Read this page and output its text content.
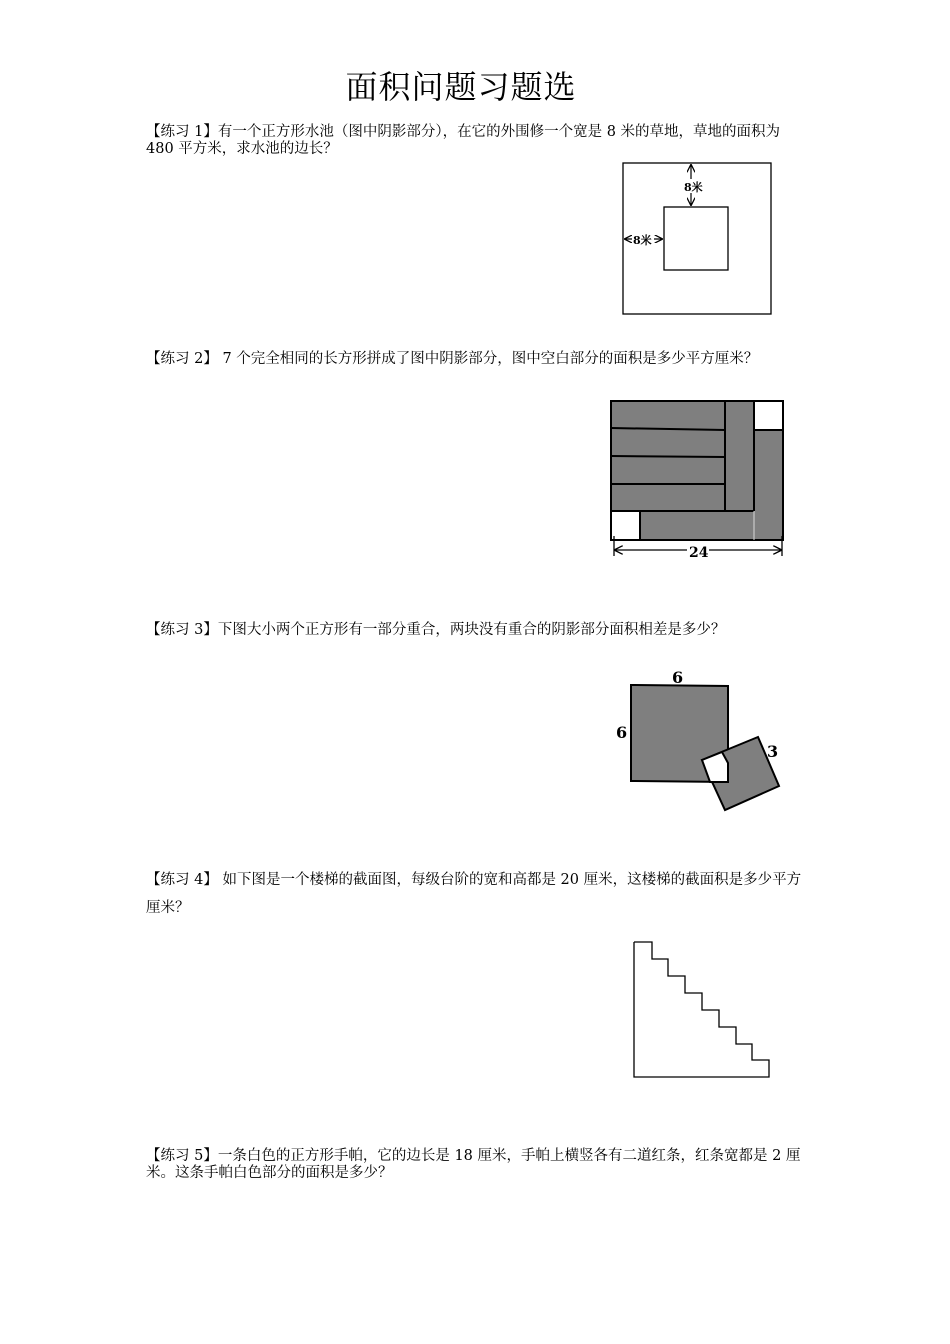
面积问题习题选
【练习 1】有一个正方形水池（图中阴影部分），在它的外围修一个宽是 8 米的草地，草地的面积为 480 平方米，求水池的边长？
8米
8米
【练习 2】 7 个完全相同的长方形拼成了图中阴影部分，图中空白部分的面积是多少平方厘米？
24
【练习 3】下图大小两个正方形有一部分重合，两块没有重合的阴影部分面积相差是多少？
6
6
3
【练习 4】 如下图是一个楼梯的截面图，每级台阶的宽和高都是 20 厘米，这楼梯的截面积是多少平方厘米？
【练习 5】一条白色的正方形手帕，它的边长是 18 厘米，手帕上横竖各有二道红条，红条宽都是 2 厘米。这条手帕白色部分的面积是多少？
